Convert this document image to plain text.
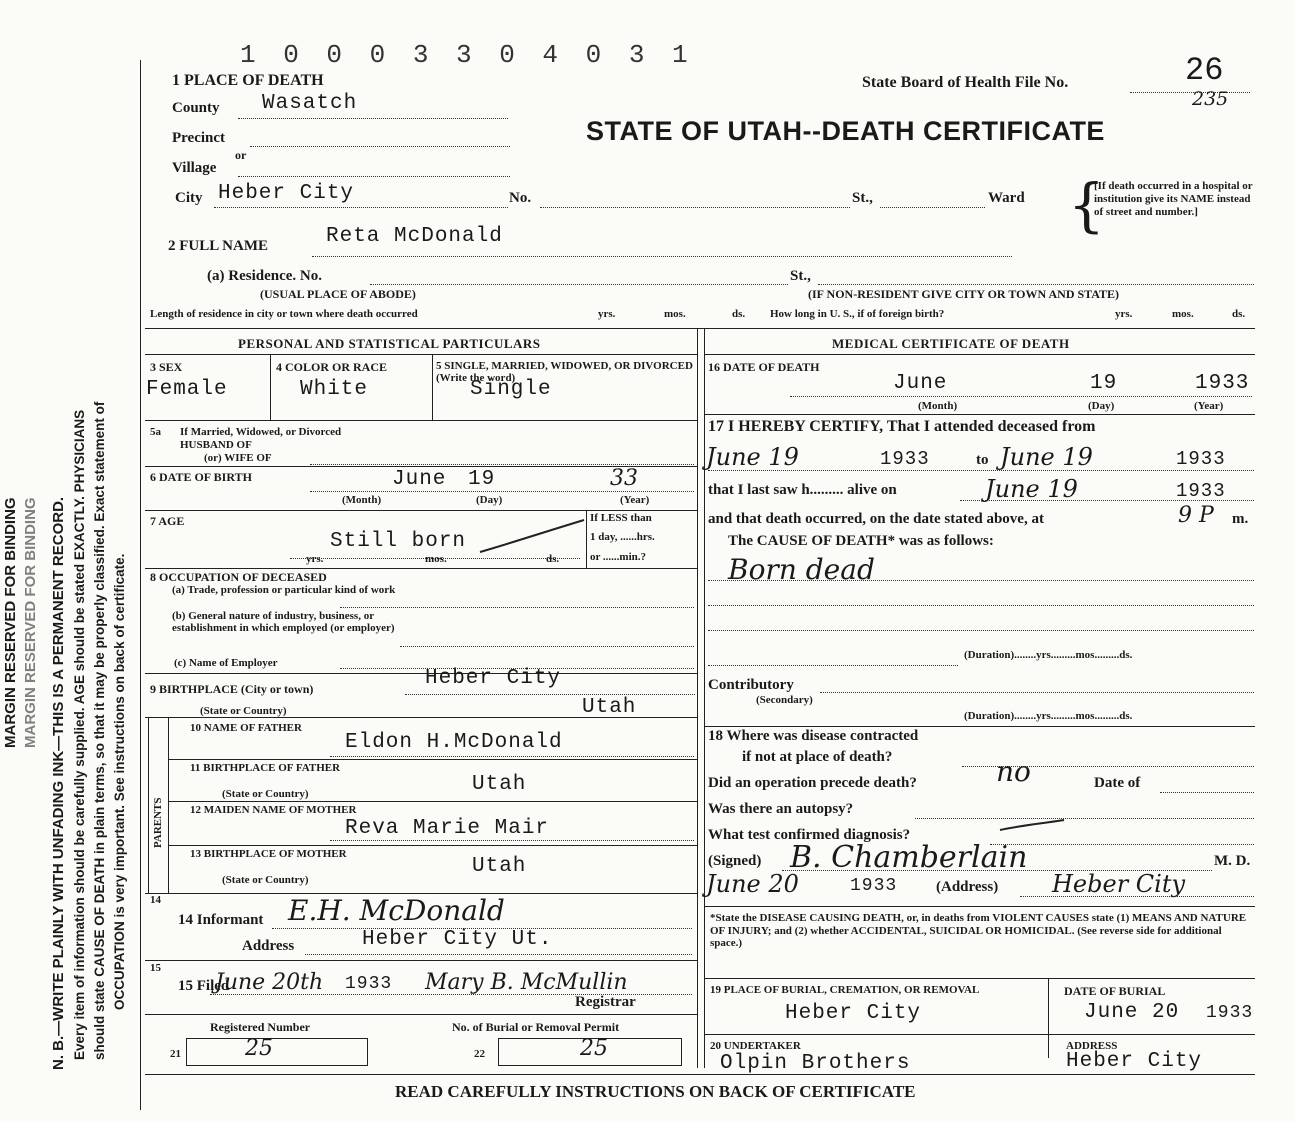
MARGIN RESERVED FOR BINDING MARGIN RESERVED FOR BINDING N. B.—WRITE PLAINLY WITH UNFADING INK—THIS IS A PERMANENT RECORD. Every item of information should be carefully supplied. AGE should be stated EXACTLY. PHYSICIANS should state CAUSE OF DEATH in plain terms, so that it may be properly classified. Exact statement of OCCUPATION is very important. See instructions on back of certificate.
1 0 0 0 3 3 0 4 0 3 1
1 PLACE OF DEATH	State Board of Health File No.	26
235
STATE OF UTAH--DEATH CERTIFICATE
County Wasatch
Precinct
or
Village
City Heber City	No.	St.,	Ward {
[If death occurred in a hospital or institution give its NAME instead of street and number.]
2 FULL NAME	Reta McDonald
(a) Residence. No.	St.,
(USUAL PLACE OF ABODE)	(IF NON-RESIDENT GIVE CITY OR TOWN AND STATE)
Length of residence in city or town where death occurred	yrs.	mos.	ds. How long in U. S., if of foreign birth?	yrs.	mos.	ds.
PERSONAL AND STATISTICAL PARTICULARS	MEDICAL CERTIFICATE OF DEATH
3 SEX
Female
4 COLOR OR RACE
White
5 SINGLE, MARRIED, WIDOWED, OR DIVORCED (Write the word)
Single
5a If Married, Widowed, or Divorced
HUSBAND OF
(or) WIFE OF
6 DATE OF BIRTH	June 19	33
(Month)	(Day)	(Year)
7 AGE
Still born
yrs.	mos.	ds.
If LESS than
1 day, ......hrs.
or ......min.?
8 OCCUPATION OF DECEASED
(a) Trade, profession or particular kind of work
(b) General nature of industry, business, or establishment in which employed (or employer)
(c) Name of Employer
9 BIRTHPLACE (City or town)	Heber City
(State or Country)	Utah
PARENTS
10 NAME OF FATHER
Eldon H.McDonald
11 BIRTHPLACE OF FATHER
(State or Country)	Utah
12 MAIDEN NAME OF MOTHER
Reva Marie Mair
13 BIRTHPLACE OF MOTHER
(State or Country)
Utah
14
14 Informant E.H. McDonald
Address	Heber City Ut.
15
15 Filed
June 20th 1933 Mary B. McMullin
Registrar
Registered Number	No. of Burial or Removal Permit
21	25	22	25
16 DATE OF DEATH
June	19	1933
(Month)	(Day)	(Year)
17 I HEREBY CERTIFY, That I attended deceased from
June 19	1933	to June 19	1933
that I last saw h......... alive on	June 19	1933
and that death occurred, on the date stated above, at	9 P m.
The CAUSE OF DEATH* was as follows:
Born dead
(Duration)........yrs.........mos.........ds.
Contributory
(Secondary)
(Duration)........yrs.........mos.........ds.
18 Where was disease contracted
if not at place of death?
Did an operation precede death?	no	Date of
Was there an autopsy?
What test confirmed diagnosis?
(Signed) B. Chamberlain	M. D.
June 20	1933	(Address) Heber City
*State the DISEASE CAUSING DEATH, or, in deaths from VIOLENT CAUSES state (1) MEANS AND NATURE OF INJURY; and (2) whether ACCIDENTAL, SUICIDAL OR HOMICIDAL. (See reverse side for additional space.)
19 PLACE OF BURIAL, CREMATION, OR REMOVAL
Heber City
DATE OF BURIAL
June 20 1933
20 UNDERTAKER
Olpin Brothers
ADDRESS
Heber City
READ CAREFULLY INSTRUCTIONS ON BACK OF CERTIFICATE
